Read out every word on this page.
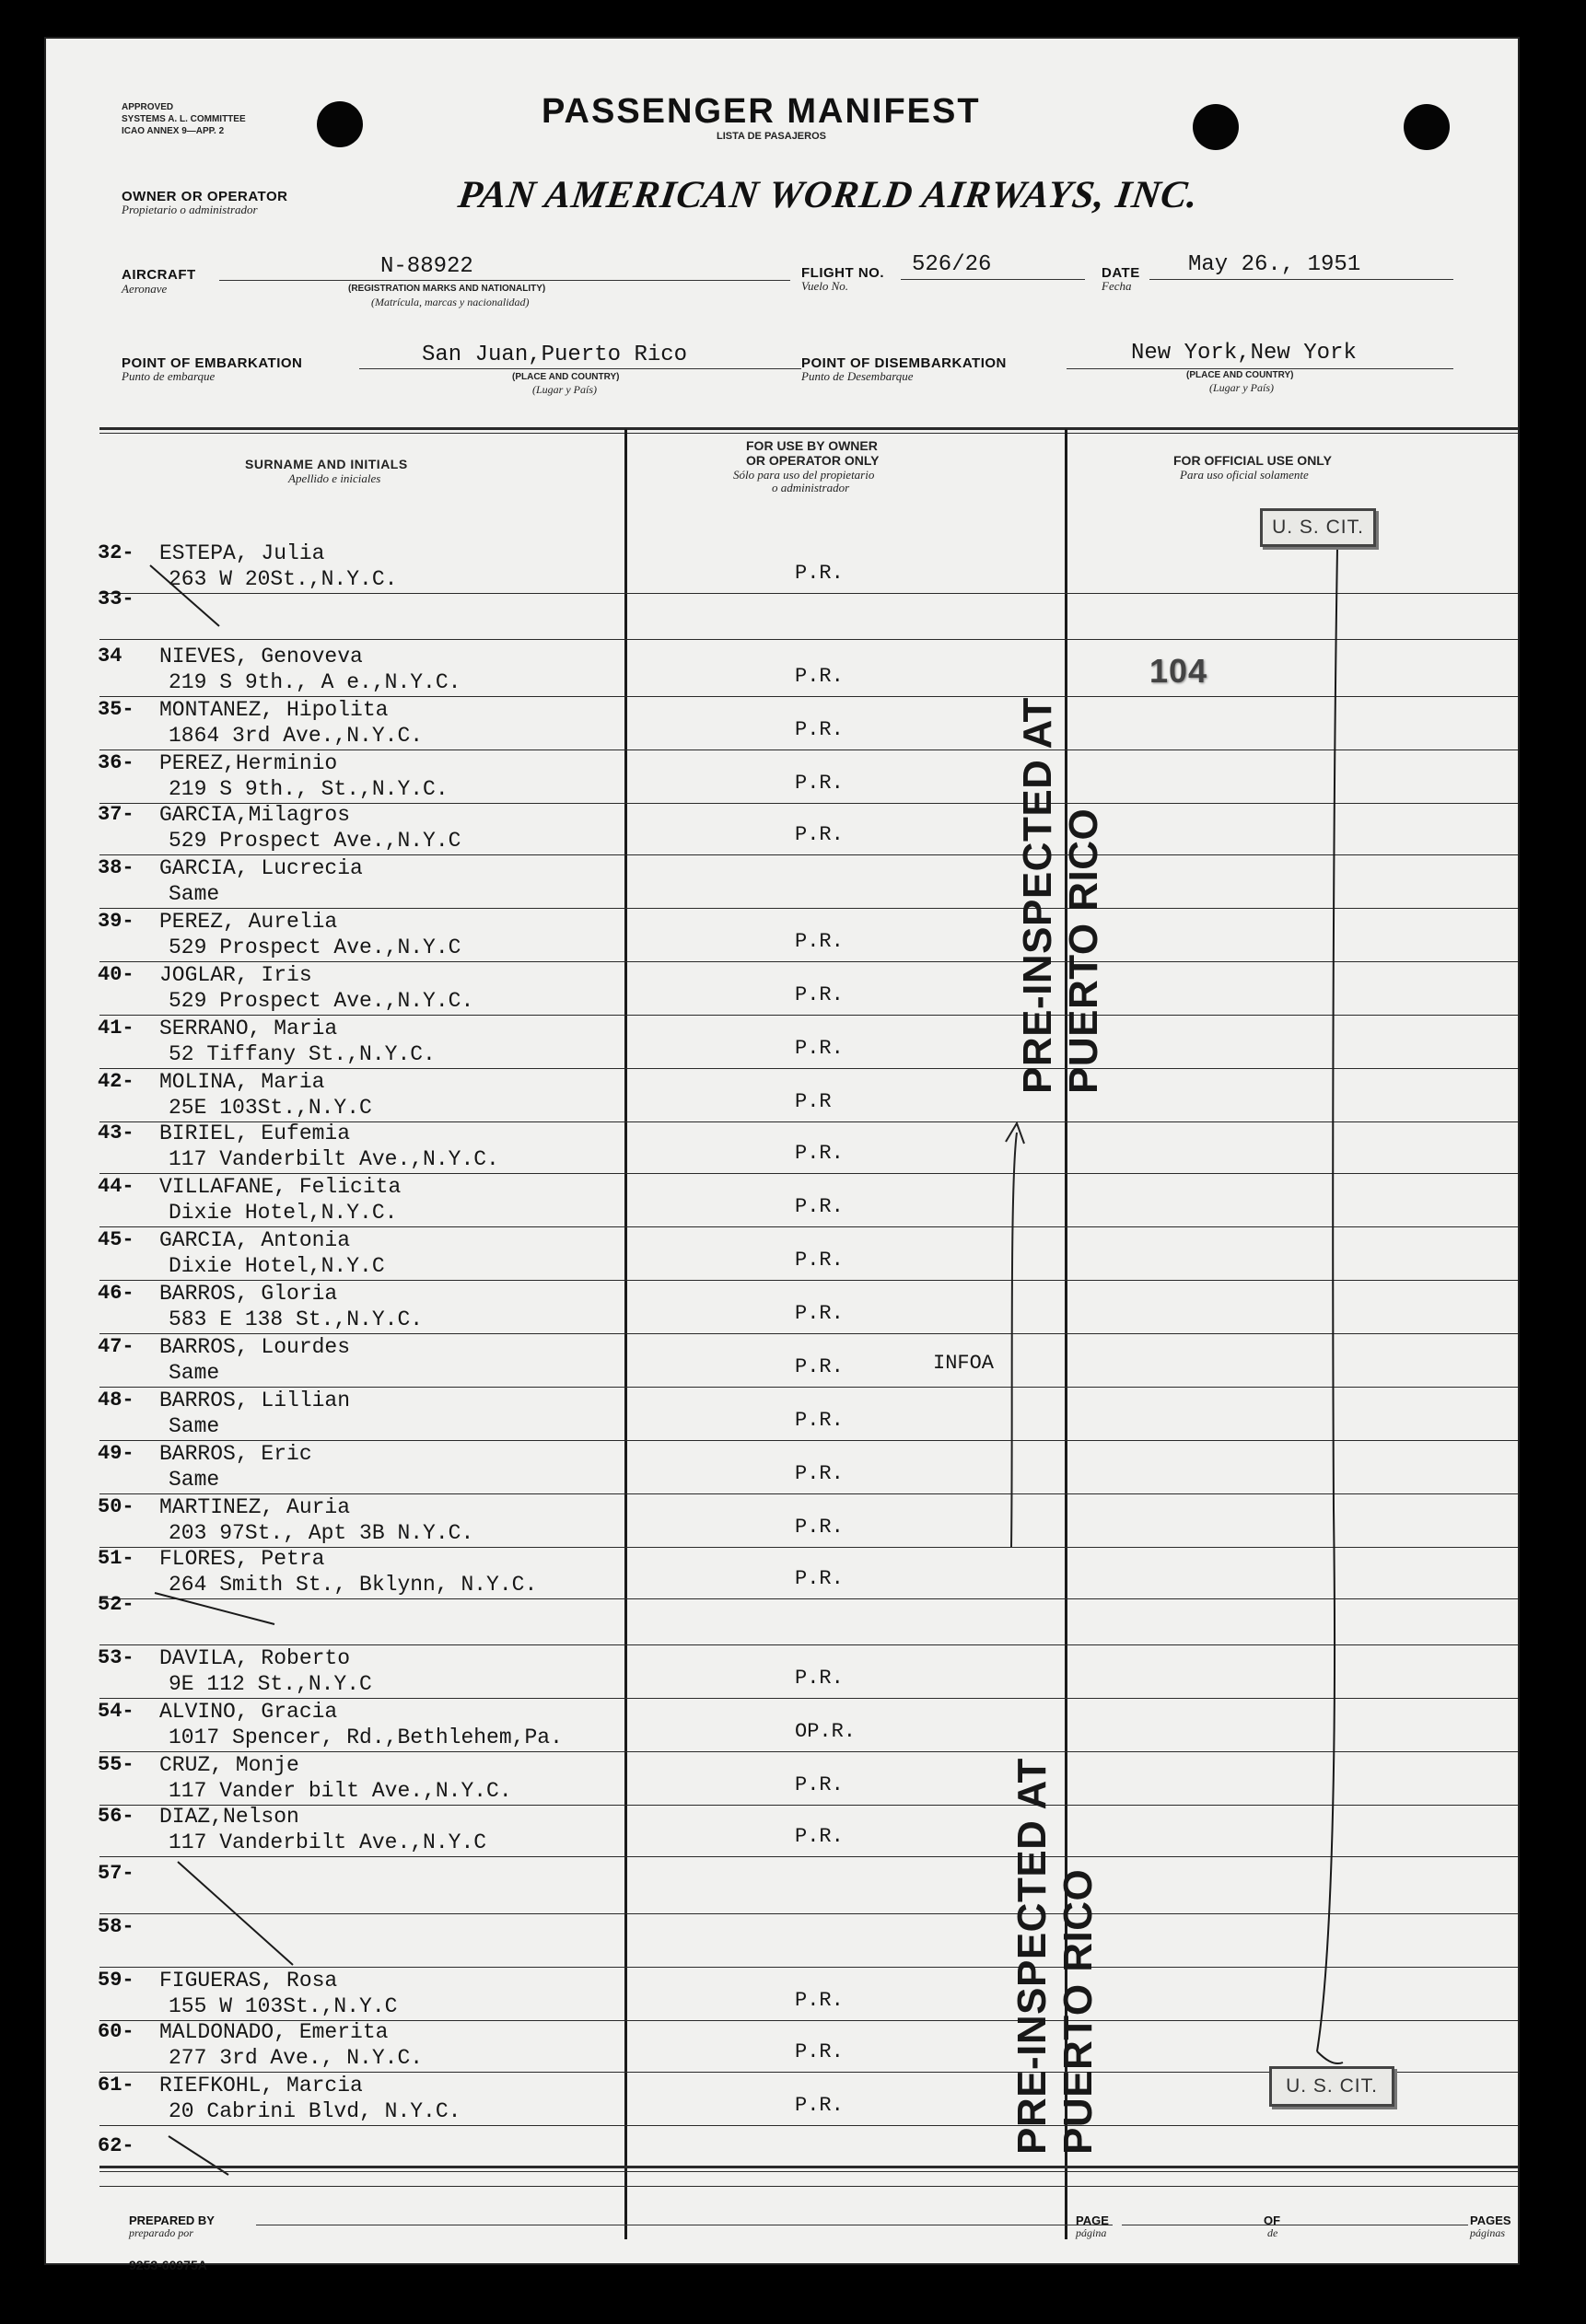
APPROVED
SYSTEMS A. L. COMMITTEE
ICAO ANNEX 9—APP. 2
PASSENGER MANIFEST
LISTA DE PASAJEROS
OWNER OR OPERATOR
Propietario o administrador	PAN AMERICAN WORLD AIRWAYS, INC.
AIRCRAFT
Aeronave
N-88922
(REGISTRATION MARKS AND NATIONALITY)
(Matrícula, marcas y nacionalidad)
FLIGHT NO.
Vuelo No.
526/26	DATE
Fecha
May 26., 1951
POINT OF EMBARKATION
Punto de embarque
San Juan,Puerto Rico
(PLACE AND COUNTRY)
(Lugar y País)
POINT OF DISEMBARKATION
Punto de Desembarque
New York,New York
(PLACE AND COUNTRY)
(Lugar y País)
SURNAME AND INITIALS
Apellido e iniciales
FOR USE BY OWNER
OR OPERATOR ONLY
Sólo para uso del propietario
o administrador
FOR OFFICIAL USE ONLY
Para uso oficial solamente
32- ESTEPA, Julia
263 W 20St.,N.Y.C.	P.R.
33-
34 NIEVES, Genoveva
219 S 9th., A e.,N.Y.C.	P.R.
35- MONTANEZ, Hipolita
1864 3rd Ave.,N.Y.C.	P.R.
36- PEREZ,Herminio
219 S 9th., St.,N.Y.C.	P.R.
37- GARCIA,Milagros
529 Prospect Ave.,N.Y.C	P.R.
38- GARCIA, Lucrecia
Same
39- PEREZ, Aurelia
529 Prospect Ave.,N.Y.C	P.R.
40- JOGLAR, Iris
529 Prospect Ave.,N.Y.C.	P.R.
41- SERRANO, Maria
52 Tiffany St.,N.Y.C.	P.R.
42- MOLINA, Maria
25E 103St.,N.Y.C	P.R
43- BIRIEL, Eufemia
117 Vanderbilt Ave.,N.Y.C.	P.R.
44- VILLAFANE, Felicita
Dixie Hotel,N.Y.C.	P.R.
45- GARCIA, Antonia
Dixie Hotel,N.Y.C	P.R.
46- BARROS, Gloria
583 E 138 St.,N.Y.C.	P.R.
47- BARROS, Lourdes
Same	P.R.	INFOA
48- BARROS, Lillian
Same	P.R.
49- BARROS, Eric
Same	P.R.
50- MARTINEZ, Auria
203 97St., Apt 3B N.Y.C.	P.R.
51- FLORES, Petra
264 Smith St., Bklynn, N.Y.C.	P.R.
52-
53- DAVILA, Roberto
9E 112 St.,N.Y.C	P.R.
54- ALVINO, Gracia
1017 Spencer, Rd.,Bethlehem,Pa.	OP.R.
55- CRUZ, Monje
117 Vander bilt Ave.,N.Y.C.	P.R.
56- DIAZ,Nelson
117 Vanderbilt Ave.,N.Y.C	P.R.
57-
58-
59- FIGUERAS, Rosa
155 W 103St.,N.Y.C	P.R.
60- MALDONADO, Emerita
277 3rd Ave., N.Y.C.	P.R.
61- RIEFKOHL, Marcia
20 Cabrini Blvd, N.Y.C.	P.R.
62-
U. S. CIT.
U. S. CIT.
104
PRE-INSPECTED AT PUERTO RICO
PRE-INSPECTED AT PUERTO RICO
PREPARED BY
preparado por
PAGE
página
OF
de
PAGES
páginas
9253-60975A
